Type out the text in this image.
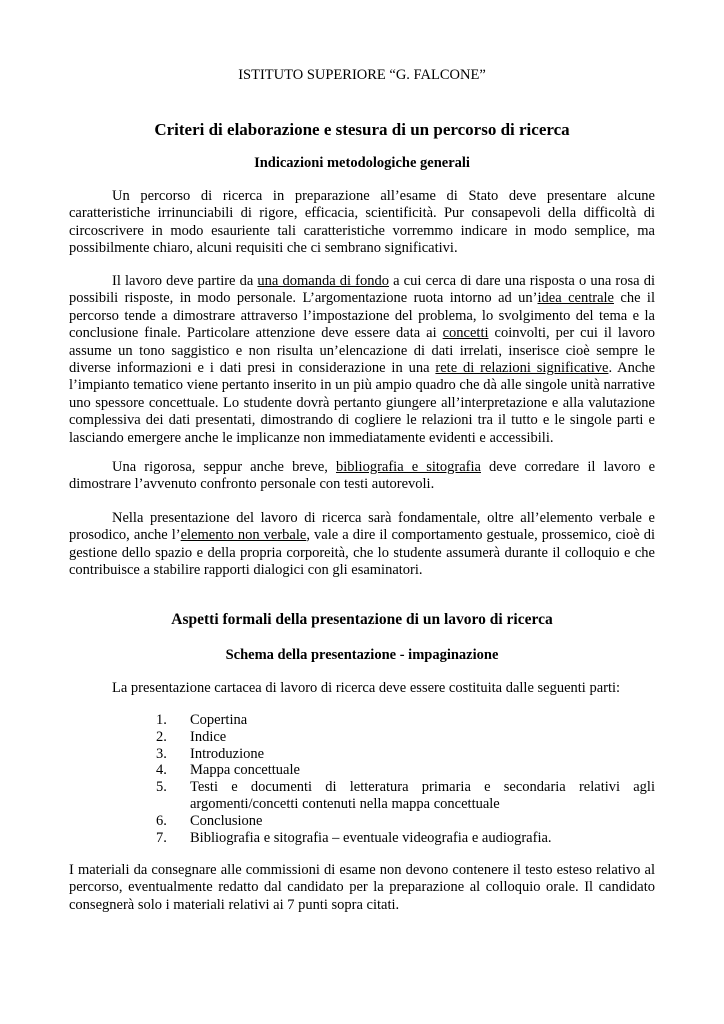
ISTITUTO SUPERIORE “G. FALCONE”
Criteri di elaborazione e stesura di un percorso di ricerca
Indicazioni metodologiche generali

Un percorso di ricerca in preparazione all’esame di Stato deve presentare alcune caratteristiche irrinunciabili di rigore, efficacia, scientificità. Pur consapevoli della difficoltà di circoscrivere in modo esauriente tali caratteristiche vorremmo indicare in modo semplice, ma possibilmente chiaro, alcuni requisiti che ci sembrano significativi.

Il lavoro deve partire da una domanda di fondo a cui cerca di dare una risposta o una rosa di possibili risposte, in modo personale. L’argomentazione ruota intorno ad un’idea centrale che il percorso tende a dimostrare attraverso l’impostazione del problema, lo svolgimento del tema e la conclusione finale. Particolare attenzione deve essere data ai concetti coinvolti, per cui il lavoro assume un tono saggistico e non risulta un’elencazione di dati irrelati, inserisce cioè sempre le diverse informazioni e i dati presi in considerazione in una rete di relazioni significative. Anche l’impianto tematico viene pertanto inserito in un più ampio quadro che dà alle singole unità narrative uno spessore concettuale. Lo studente dovrà pertanto giungere all’interpretazione e alla valutazione complessiva dei dati presentati, dimostrando di cogliere le relazioni tra il tutto e le singole parti e lasciando emergere anche le implicanze non immediatamente evidenti e accessibili.

Una rigorosa, seppur anche breve, bibliografia e sitografia deve corredare il lavoro e dimostrare l’avvenuto confronto personale con testi autorevoli.

Nella presentazione del lavoro di ricerca sarà fondamentale, oltre all’elemento verbale e prosodico, anche l’elemento non verbale, vale a dire il comportamento gestuale, prossemico, cioè di gestione dello spazio e della propria corporeità, che lo studente assumerà durante il colloquio e che contribuisce a stabilire rapporti dialogici con gli esaminatori.

Aspetti formali della presentazione di un lavoro di ricerca
Schema della presentazione - impaginazione
La presentazione cartacea di lavoro di ricerca deve essere costituita dalle seguenti parti:
1.	Copertina
2.	Indice
3.	Introduzione
4.	Mappa concettuale
5.	Testi e documenti di letteratura primaria e secondaria relativi agli argomenti/concetti contenuti nella mappa concettuale
6.	Conclusione
7.	Bibliografia e sitografia – eventuale videografia e audiografia.

I materiali da consegnare alle commissioni di esame non devono contenere il testo esteso relativo al percorso, eventualmente redatto dal candidato per la preparazione al colloquio orale. Il candidato consegnerà solo i materiali relativi ai 7 punti sopra citati.
